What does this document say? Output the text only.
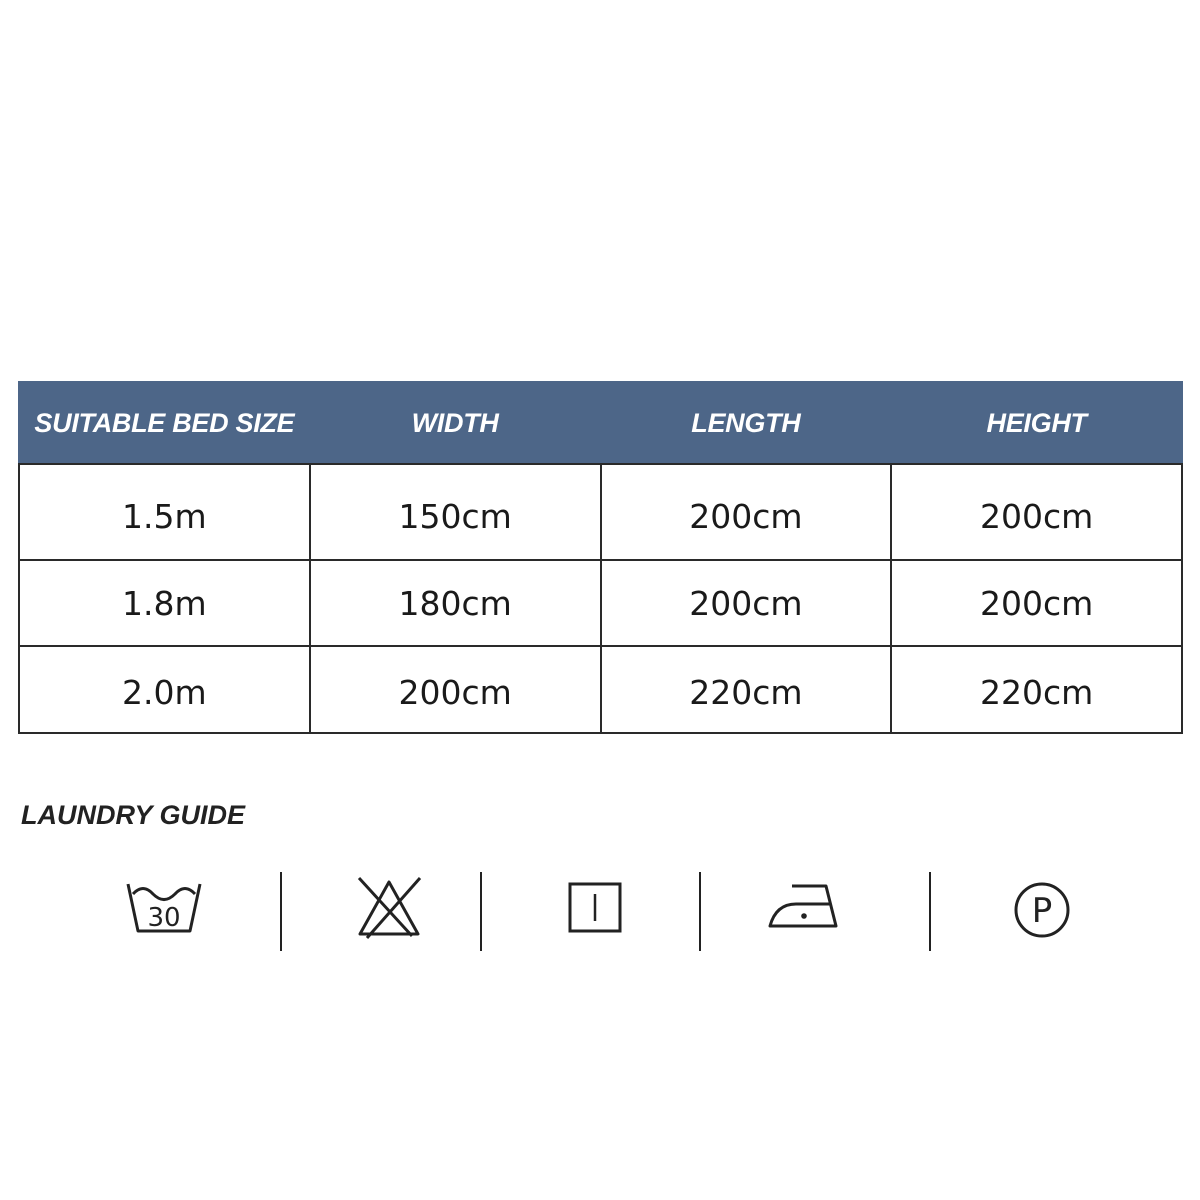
SUITABLE BED SIZE	WIDTH	LENGTH	HEIGHT
1.5m	150cm	200cm	200cm
1.8m	180cm	200cm	200cm
2.0m	200cm	220cm	220cm
LAUNDRY GUIDE
30	P
